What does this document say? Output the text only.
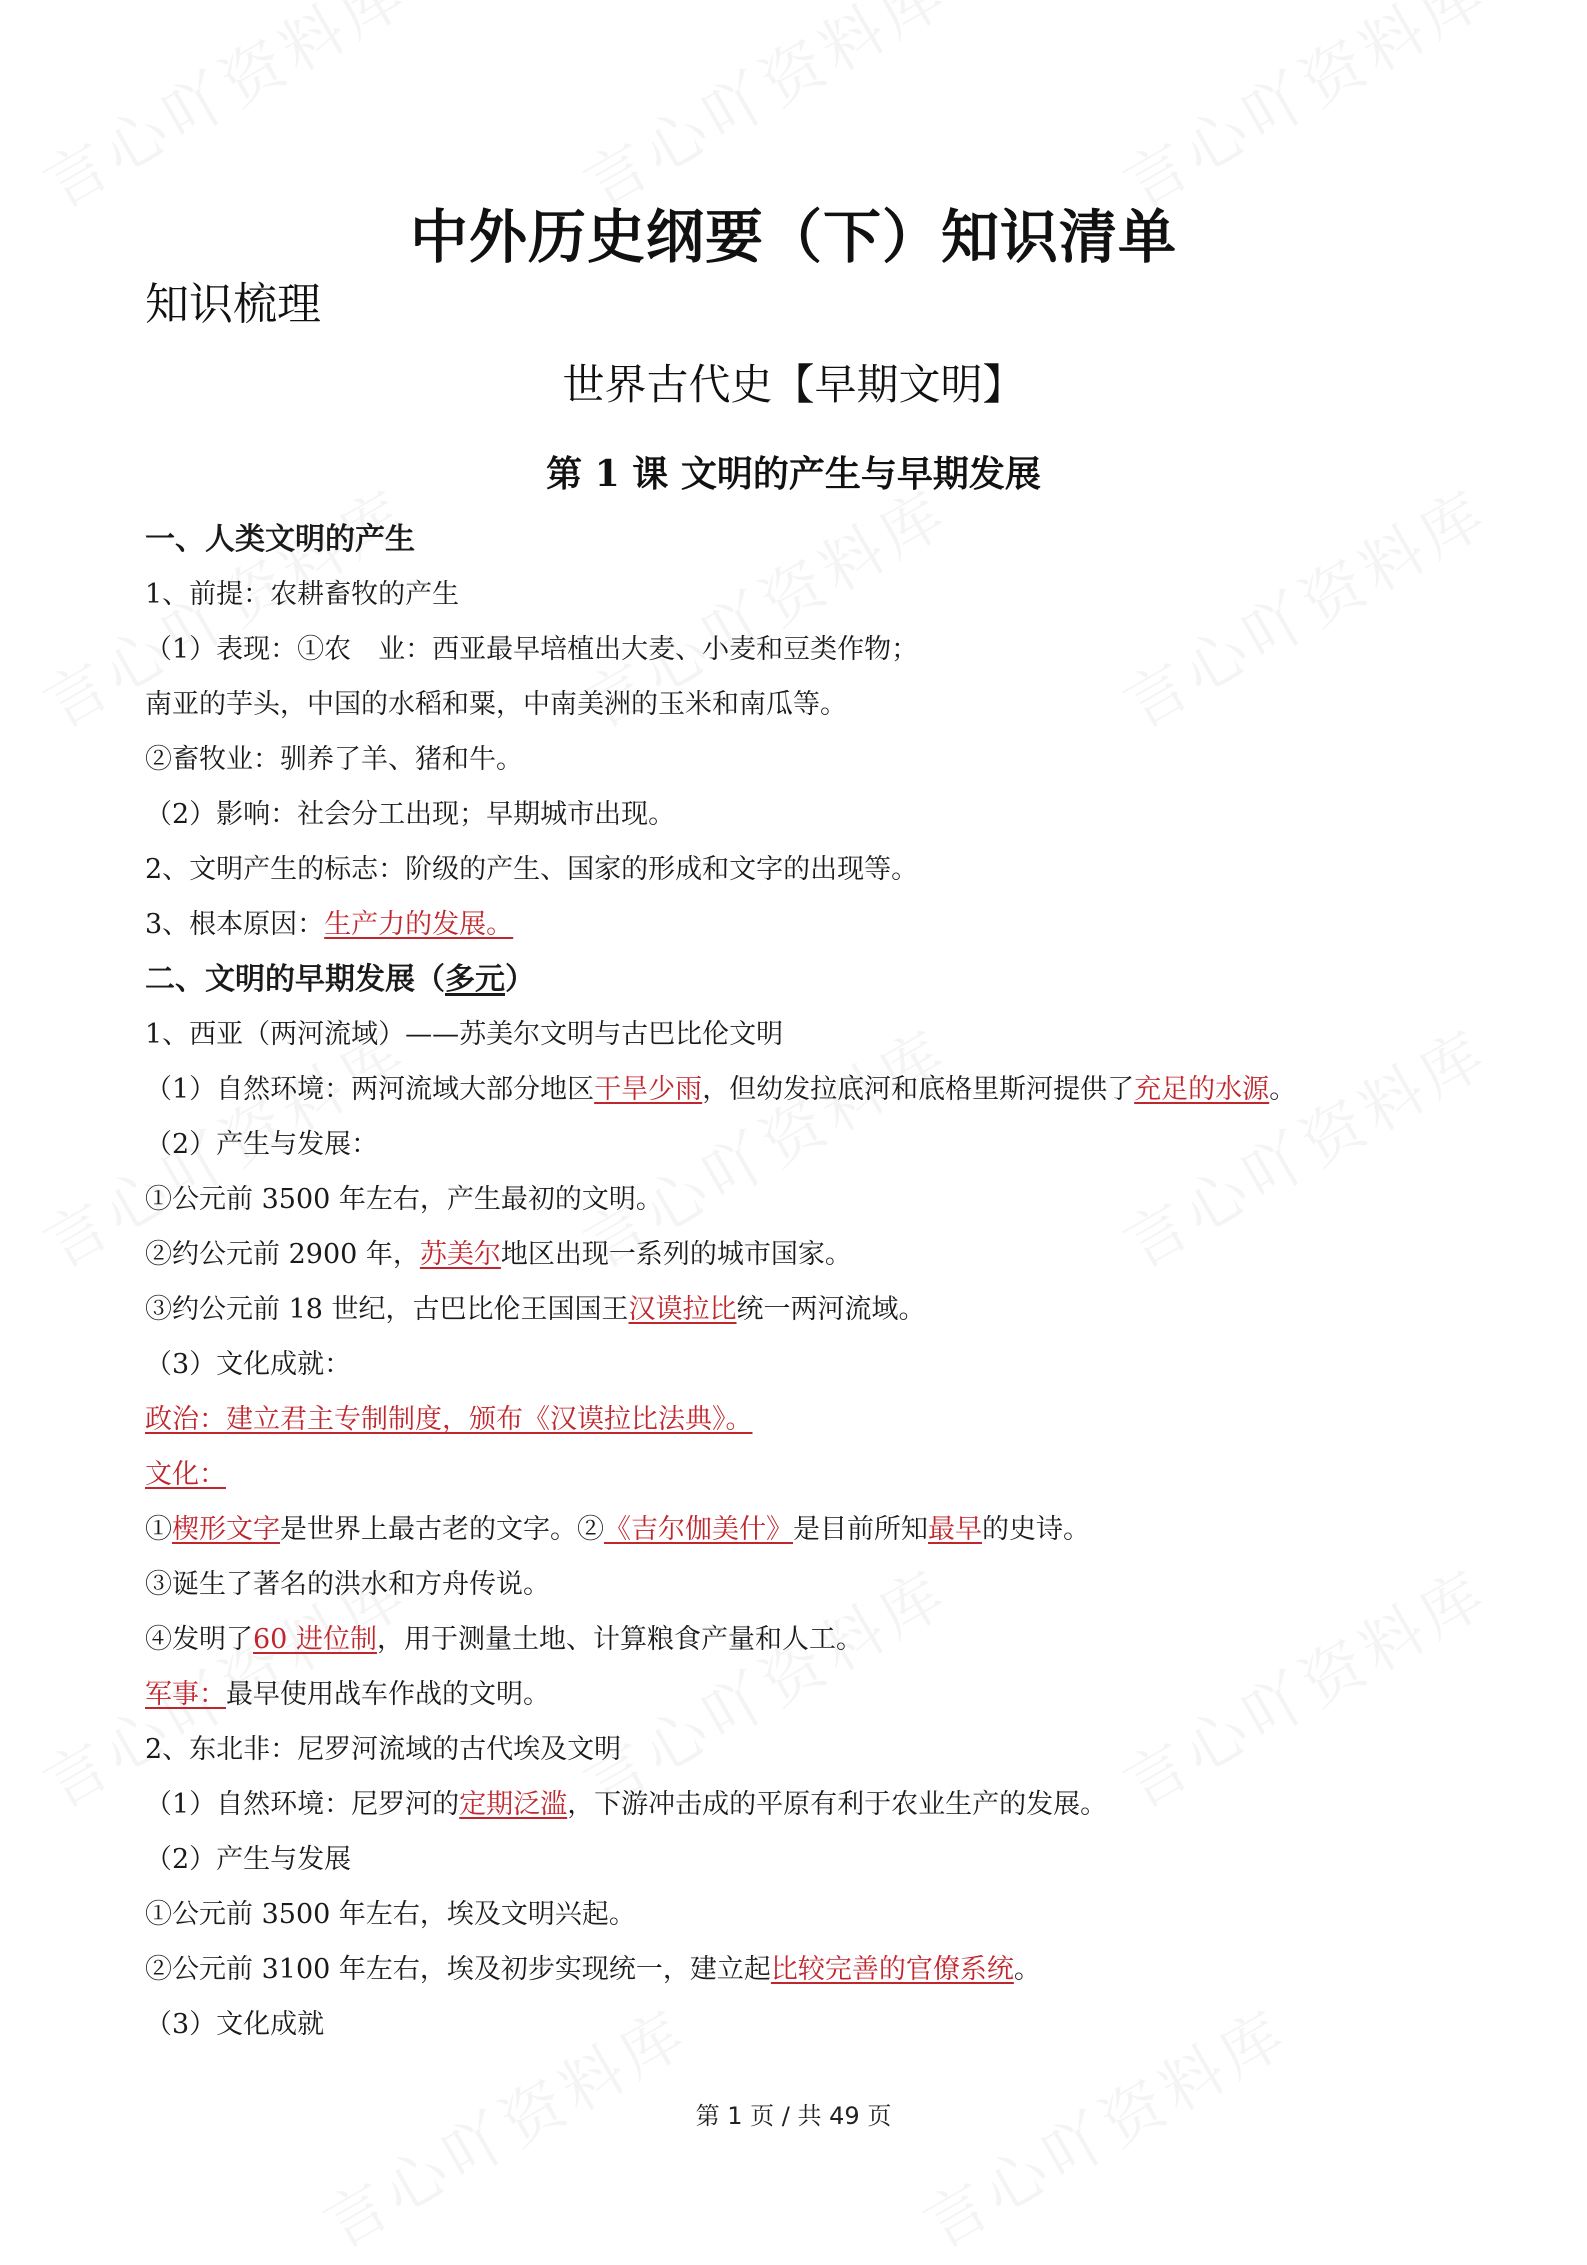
中外历史纲要（下）知识清单
知识梳理
世界古代史【早期文明】
第 1 课 文明的产生与早期发展
一、人类文明的产生
1、前提：农耕畜牧的产生
（1）表现：①农　业：西亚最早培植出大麦、小麦和豆类作物；
南亚的芋头，中国的水稻和粟，中南美洲的玉米和南瓜等。
②畜牧业：驯养了羊、猪和牛。
（2）影响：社会分工出现；早期城市出现。
2、文明产生的标志：阶级的产生、国家的形成和文字的出现等。
3、根本原因：生产力的发展。
二、文明的早期发展（多元）
1、西亚（两河流域）——苏美尔文明与古巴比伦文明
（1）自然环境：两河流域大部分地区干旱少雨，但幼发拉底河和底格里斯河提供了充足的水源。
（2）产生与发展：
①公元前 3500 年左右，产生最初的文明。
②约公元前 2900 年，苏美尔地区出现一系列的城市国家。
③约公元前 18 世纪，古巴比伦王国国王汉谟拉比统一两河流域。
（3）文化成就：
政治：建立君主专制制度，颁布《汉谟拉比法典》。
文化：
①楔形文字是世界上最古老的文字。②《吉尔伽美什》是目前所知最早的史诗。
③诞生了著名的洪水和方舟传说。
④发明了60 进位制，用于测量土地、计算粮食产量和人工。
军事：最早使用战车作战的文明。
2、东北非：尼罗河流域的古代埃及文明
（1）自然环境：尼罗河的定期泛滥，下游冲击成的平原有利于农业生产的发展。
（2）产生与发展
①公元前 3500 年左右，埃及文明兴起。
②公元前 3100 年左右，埃及初步实现统一，建立起比较完善的官僚系统。
（3）文化成就
第 1 页 / 共 49 页
